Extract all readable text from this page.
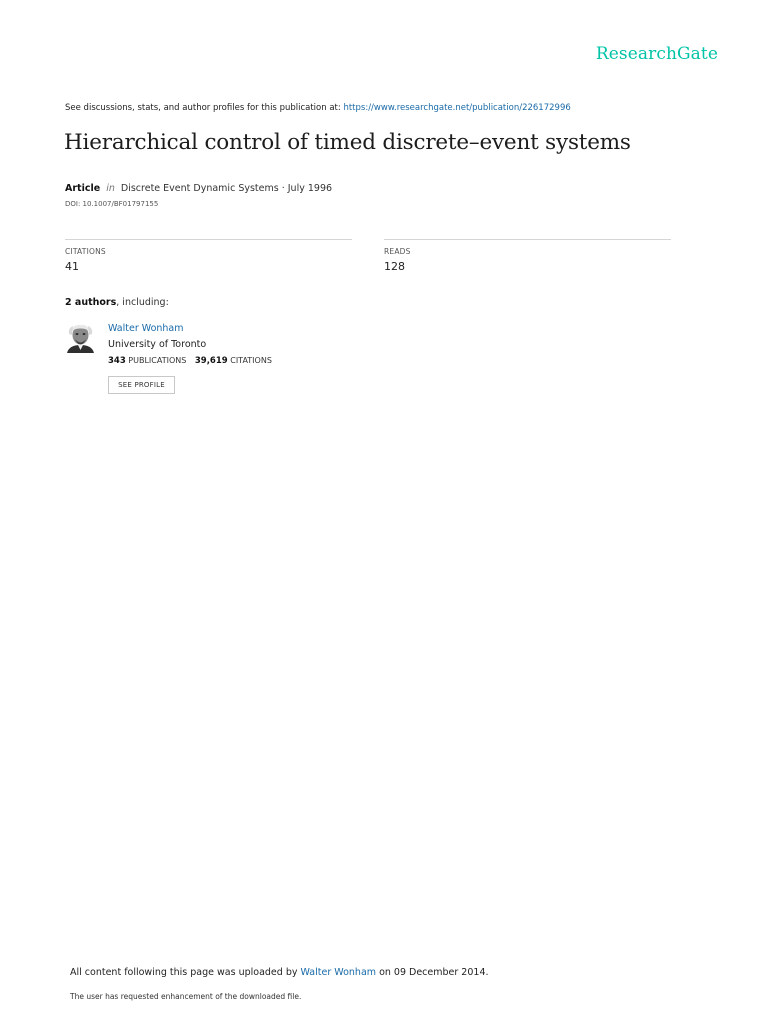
ResearchGate
See discussions, stats, and author profiles for this publication at: https://www.researchgate.net/publication/226172996
Hierarchical control of timed discrete–event systems
Article in Discrete Event Dynamic Systems · July 1996
DOI: 10.1007/BF01797155
CITATIONS
41
READS
128
2 authors, including:
Walter Wonham
University of Toronto
343 PUBLICATIONS 39,619 CITATIONS
SEE PROFILE
All content following this page was uploaded by Walter Wonham on 09 December 2014.
The user has requested enhancement of the downloaded file.
